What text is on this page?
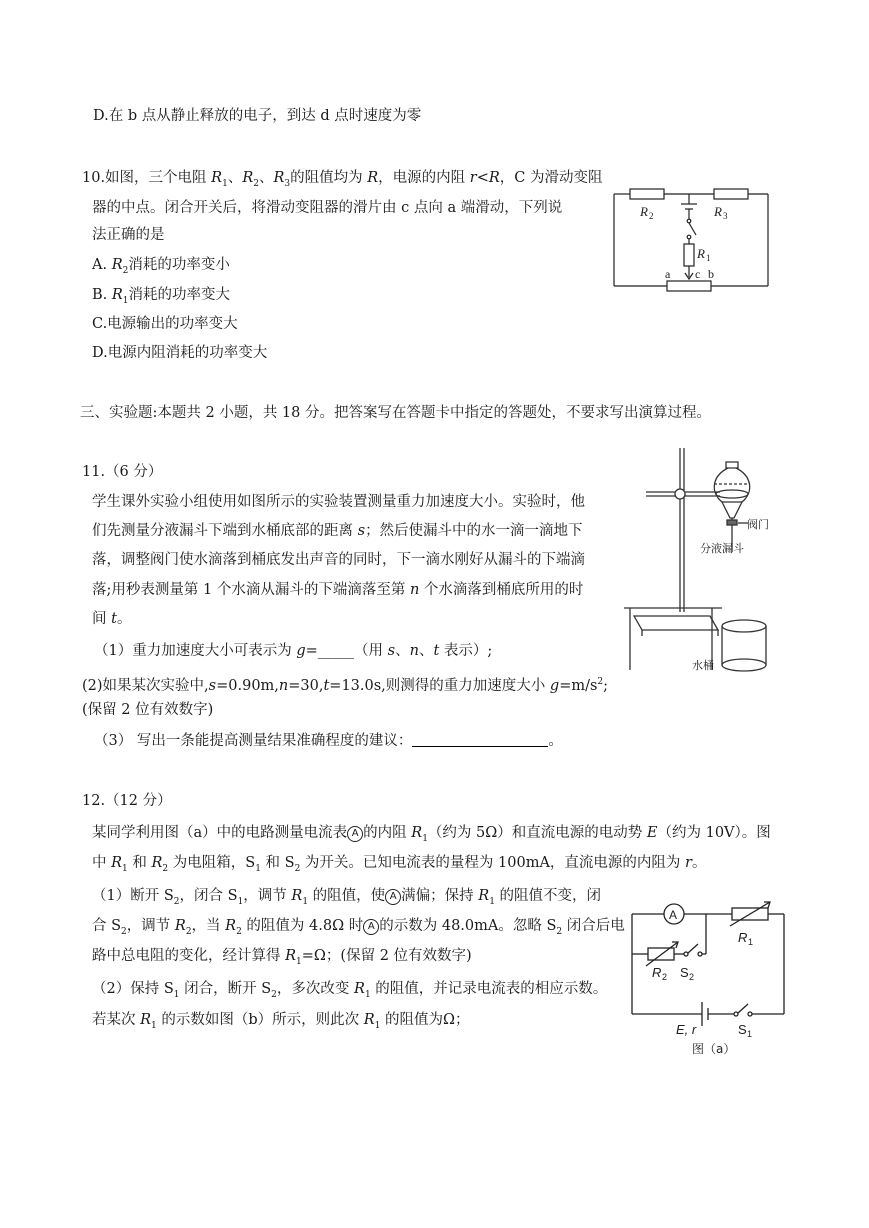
D.在 b 点从静止释放的电子，到达 d 点时速度为零
10.如图，三个电阻 $R_1$、$R_2$、$R_3$的阻值均为 R，电源的内阻 r<R，C 为滑动变阻
器的中点。闭合开关后，将滑动变阻器的滑片由 c 点向 a 端滑动，下列说
法正确的是
A. $R_2$消耗的功率变小
B. $R_1$消耗的功率变大
C.电源输出的功率变大
D.电源内阻消耗的功率变大
R 2	R 3
R 1
a c b
三、实验题:本题共 2 小题，共 18 分。把答案写在答题卡中指定的答题处，不要求写出演算过程。
11.（6 分）
学生课外实验小组使用如图所示的实验装置测量重力加速度大小。实验时，他
们先测量分液漏斗下端到水桶底部的距离 s；然后使漏斗中的水一滴一滴地下
落，调整阀门使水滴落到桶底发出声音的同时，下一滴水刚好从漏斗的下端滴
落;用秒表测量第 1 个水滴从漏斗的下端滴落至第 n 个水滴落到桶底所用的时
间 t。
（1）重力加速度大小可表示为 g=_____（用 s、n、t 表示）;
(2)如果某次实验中,s=0.90m,n=30,t=13.0s,则测得的重力加速度大小 $g=m/s^2$;
(保留 2 位有效数字)
（3） 写出一条能提高测量结果准确程度的建议：	。
阀门
分液漏斗
水桶
12.（12 分）
某同学利用图（a）中的电路测量电流表 A 的内阻 $R_1$（约为 5Ω）和直流电源的电动势 E（约为 10V）。图
中 $R_1$ 和 $R_2$ 为电阻箱，$S_1$ 和 $S_2$ 为开关。已知电流表的量程为 100mA，直流电源的内阻为 r。
（1）断开 $S_2$，闭合 $S_1$，调节 $R_1$ 的阻值，使 A 满偏；保持 $R_1$ 的阻值不变，闭
合 $S_2$，调节 $R_2$，当 $R_2$ 的阻值为 4.8Ω 时 A 的示数为 48.0mA。忽略 $S_2$ 闭合后电
路中总电阻的变化，经计算得 $R_1=\Omega$；(保留 2 位有效数字)
（2）保持 $S_1$ 闭合，断开 $S_2$，多次改变 $R_1$ 的阻值，并记录电流表的相应示数。
若某次 $R_1$ 的示数如图（b）所示，则此次 $R_1$ 的阻值为Ω；
A
R 1
R 2 S 2
E, r	S 1
图（a）
